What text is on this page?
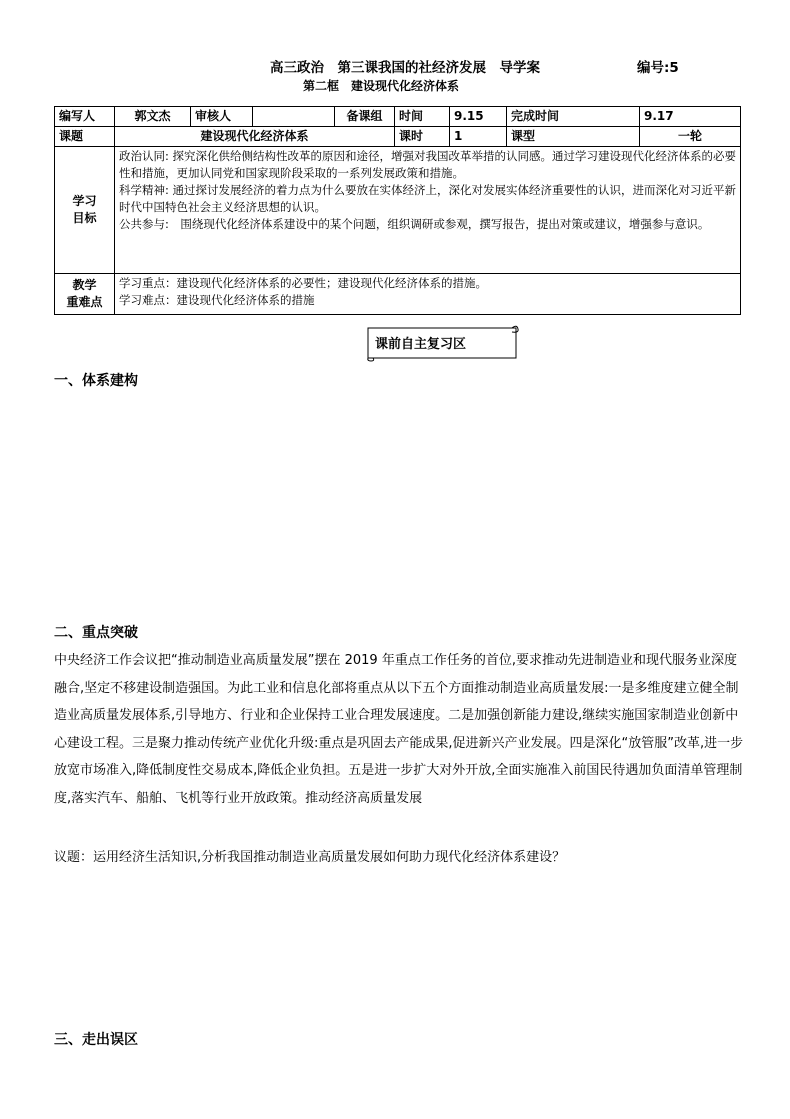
高三政治　第三课我国的社经济发展　导学案	编号:5
第二框　建设现代化经济体系
编写人	郭文杰	审核人		备课组	时间	9.15	完成时间	9.17
课题	建设现代化经济体系				课时	1	课型	一轮

学习
目标	政治认同: 探究深化供给侧结构性改革的原因和途径，增强对我国改革举措的认同感。通过学习建设现代化经济体系的必要性和措施，更加认同党和国家现阶段采取的一系列发展政策和措施。
科学精神: 通过探讨发展经济的着力点为什么要放在实体经济上，深化对发展实体经济重要性的认识，进而深化对习近平新时代中国特色社会主义经济思想的认识。
公共参与:　围绕现代化经济体系建设中的某个问题，组织调研或参观，撰写报告，提出对策或建议，增强参与意识。							

教学
重难点	学习重点：建设现代化经济体系的必要性；建设现代化经济体系的措施。
学习难点：建设现代化经济体系的措施							
课前自主复习区
一、体系建构
二、重点突破
中央经济工作会议把“推动制造业高质量发展”摆在 2019 年重点工作任务的首位,要求推动先进制造业和现代服务业深度融合,坚定不移建设制造强国。为此工业和信息化部将重点从以下五个方面推动制造业高质量发展:一是多维度建立健全制造业高质量发展体系,引导地方、行业和企业保持工业合理发展速度。二是加强创新能力建设,继续实施国家制造业创新中心建设工程。三是聚力推动传统产业优化升级:重点是巩固去产能成果,促进新兴产业发展。四是深化“放管服”改革,进一步放宽市场准入,降低制度性交易成本,降低企业负担。五是进一步扩大对外开放,全面实施准入前国民待遇加负面清单管理制度,落实汽车、船舶、飞机等行业开放政策。推动经济高质量发展
议题：运用经济生活知识,分析我国推动制造业高质量发展如何助力现代化经济体系建设？
三、走出误区
